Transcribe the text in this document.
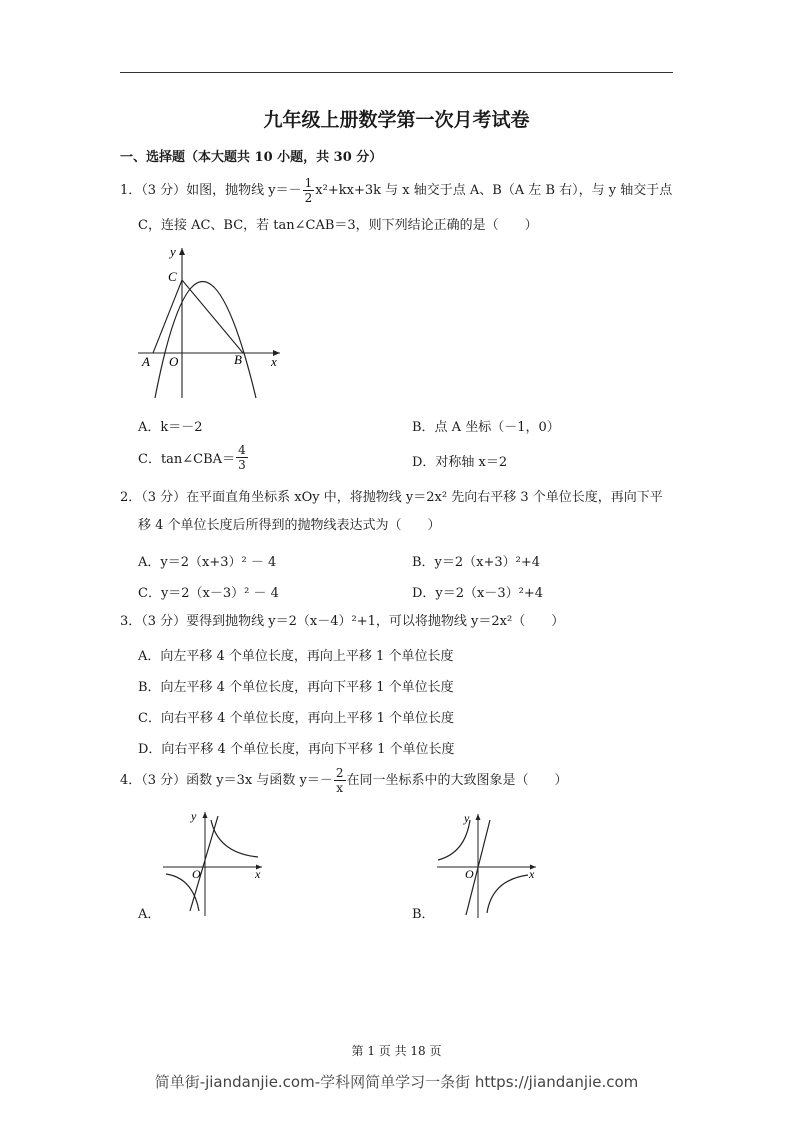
九年级上册数学第一次月考试卷
一、选择题（本大题共 10 小题，共 30 分）
1．（3 分）如图，抛物线 $y=- \frac{1}{2} x^2+kx+3k$ 与 x 轴交于点 A、B（A 左 B 右），与 y 轴交于点
C，连接 AC、BC，若 tan∠CAB＝3，则下列结论正确的是（　　）
y
C
A O	B x
A．k＝－2	B．点 A 坐标（－1，0）
C．tan∠CBA＝ $\frac{4}{3}$	D．对称轴 x＝2
2．（3 分）在平面直角坐标系 xOy 中，将抛物线 y＝2x² 先向右平移 3 个单位长度，再向下平
移 4 个单位长度后所得到的抛物线表达式为（　　）
A．y＝2（x+3）² － 4	B．y＝2（x+3）²+4
C．y＝2（x－3）² － 4	D．y＝2（x－3）²+4
3．（3 分）要得到抛物线 y＝2（x－4）²+1，可以将抛物线 y＝2x²（　　）
A．向左平移 4 个单位长度，再向上平移 1 个单位长度
B．向左平移 4 个单位长度，再向下平移 1 个单位长度
C．向右平移 4 个单位长度，再向上平移 1 个单位长度
D．向右平移 4 个单位长度，再向下平移 1 个单位长度
4．（3 分）函数 y＝3x 与函数 $y=- \frac{2}{x}$ 在同一坐标系中的大致图象是（　　）
y
O	x
y
O	x
A．	B．
第 1 页 共 18 页
简单街-jiandanjie.com-学科网简单学习一条街 https://jiandanjie.com
